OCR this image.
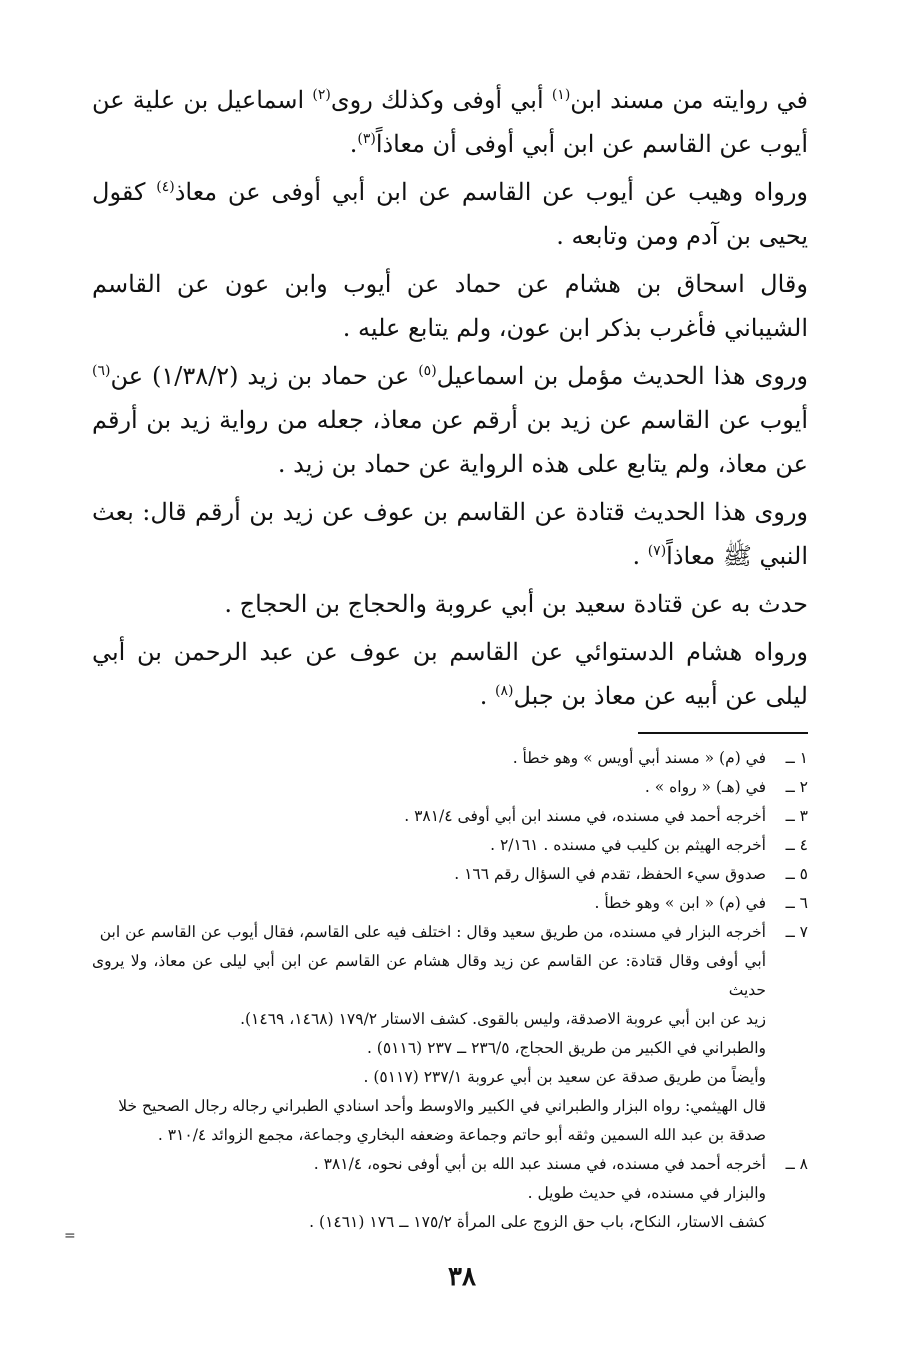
في روايته من مسند ابن$^{(١)}$ أبي أوفى وكذلك روى$^{(٢)}$ اسماعيل بن علية عن أيوب عن القاسم عن ابن أبي أوفى أن معاذاً$^{(٣)}$.

ورواه وهيب عن أيوب عن القاسم عن ابن أبي أوفى عن معاذ$^{(٤)}$ كقول يحيى بن آدم ومن وتابعه .

وقال اسحاق بن هشام عن حماد عن أيوب وابن عون عن القاسم الشيباني فأغرب بذكر ابن عون، ولم يتابع عليه .

وروى هذا الحديث مؤمل بن اسماعيل$^{(٥)}$ عن حماد بن زيد (١/٣٨/٢) عن$^{(٦)}$ أيوب عن القاسم عن زيد بن أرقم عن معاذ، جعله من رواية زيد بن أرقم عن معاذ، ولم يتابع على هذه الرواية عن حماد بن زيد .

وروى هذا الحديث قتادة عن القاسم بن عوف عن زيد بن أرقم قال: بعث النبي ﷺ معاذاً$^{(٧)}$ .

حدث به عن قتادة سعيد بن أبي عروبة والحجاج بن الحجاج .

ورواه هشام الدستوائي عن القاسم بن عوف عن عبد الرحمن بن أبي ليلى عن أبيه عن معاذ بن جبل$^{(٨)}$ .

١ ــ
في (م) « مسند أبي أويس » وهو خطأ .
٢ ــ
في (هـ) « رواه » .
٣ ــ
أخرجه أحمد في مسنده، في مسند ابن أبي أوفى ٣٨١/٤ .
٤ ــ
أخرجه الهيثم بن كليب في مسنده . ٢/١٦١ .
٥ ــ
صدوق سيء الحفظ، تقدم في السؤال رقم ١٦٦ .
٦ ــ
في (م) « ابن » وهو خطأ .
٧ ــ
أخرجه البزار في مسنده، من طريق سعيد وقال : اختلف فيه على القاسم، فقال أيوب عن القاسم عن ابن
أبي أوفى وقال قتادة: عن القاسم عن زيد وقال هشام عن القاسم عن ابن أبي ليلى عن معاذ، ولا يروى حديث
زيد عن ابن أبي عروبة الاصدقة، وليس بالقوى. كشف الاستار ١٧٩/٢ (١٤٦٨، ١٤٦٩).
والطبراني في الكبير من طريق الحجاج، ٢٣٦/٥ ــ ٢٣٧ (٥١١٦) .
وأيضاً من طريق صدقة عن سعيد بن أبي عروبة ٢٣٧/١ (٥١١٧) .
قال الهيثمي: رواه البزار والطبراني في الكبير والاوسط وأحد اسنادي الطبراني رجاله رجال الصحيح خلا
صدقة بن عبد الله السمين وثقه أبو حاتم وجماعة وضعفه البخاري وجماعة، مجمع الزوائد ٣١٠/٤ .
٨ ــ
أخرجه أحمد في مسنده، في مسند عبد الله بن أبي أوفى نحوه، ٣٨١/٤ .
والبزار في مسنده، في حديث طويل .
كشف الاستار، النكاح، باب حق الزوج على المرأة ١٧٥/٢ ــ ١٧٦ (١٤٦١) .
=
٣٨
